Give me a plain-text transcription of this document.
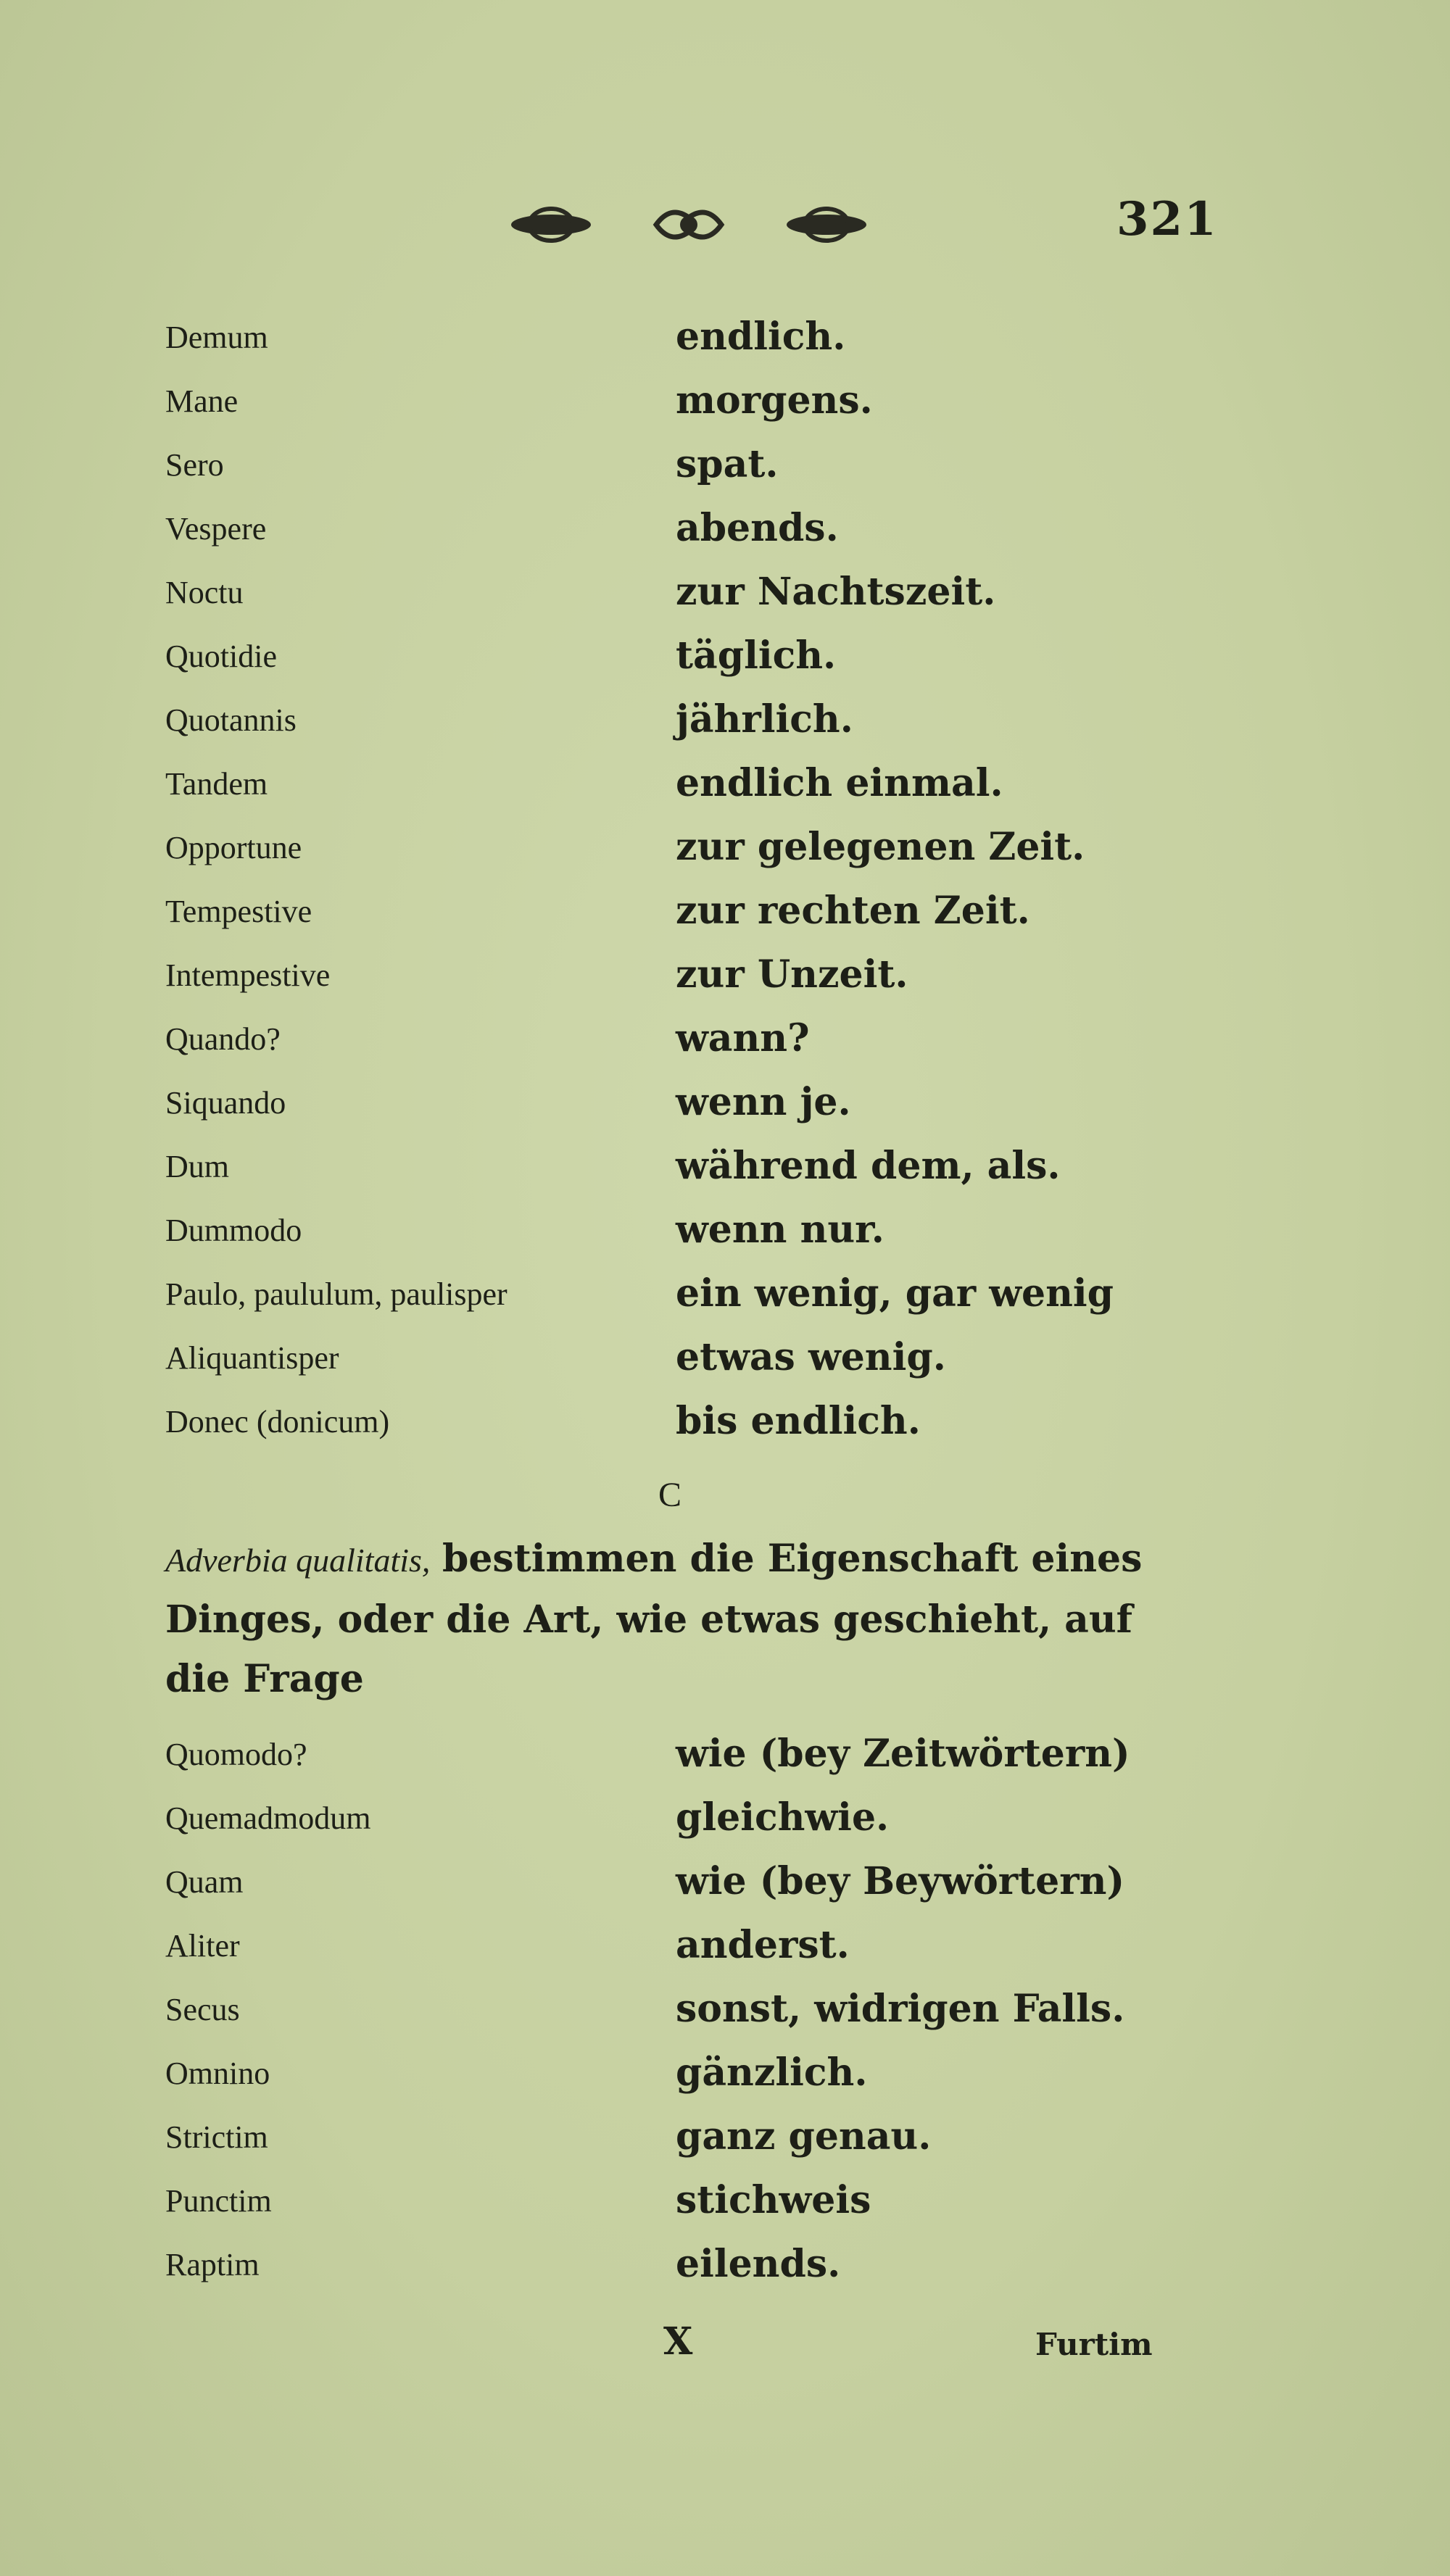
321
Demum	endlich.
Mane	morgens.
Sero	spat.
Vespere	abends.
Noctu	zur Nachtszeit.
Quotidie	täglich.
Quotannis	jährlich.
Tandem	endlich einmal.
Opportune	zur gelegenen Zeit.
Tempestive	zur rechten Zeit.
Intempestive	zur Unzeit.
Quando?	wann?
Siquando	wenn je.
Dum	während dem, als.
Dummodo	wenn nur.
Paulo, paululum, paulisper	ein wenig, gar wenig
Aliquantisper	etwas wenig.
Donec (donicum)	bis endlich.
C
Adverbia qualitatis, bestimmen die Eigenschaft eines Dinges, oder die Art, wie etwas geschieht, auf die Frage
Quomodo?	wie (bey Zeitwörtern)
Quemadmodum	gleichwie.
Quam	wie (bey Beywörtern)
Aliter	anderst.
Secus	sonst, widrigen Falls.
Omnino	gänzlich.
Strictim	ganz genau.
Punctim	stichweis
Raptim	eilends.
X	Furtim
